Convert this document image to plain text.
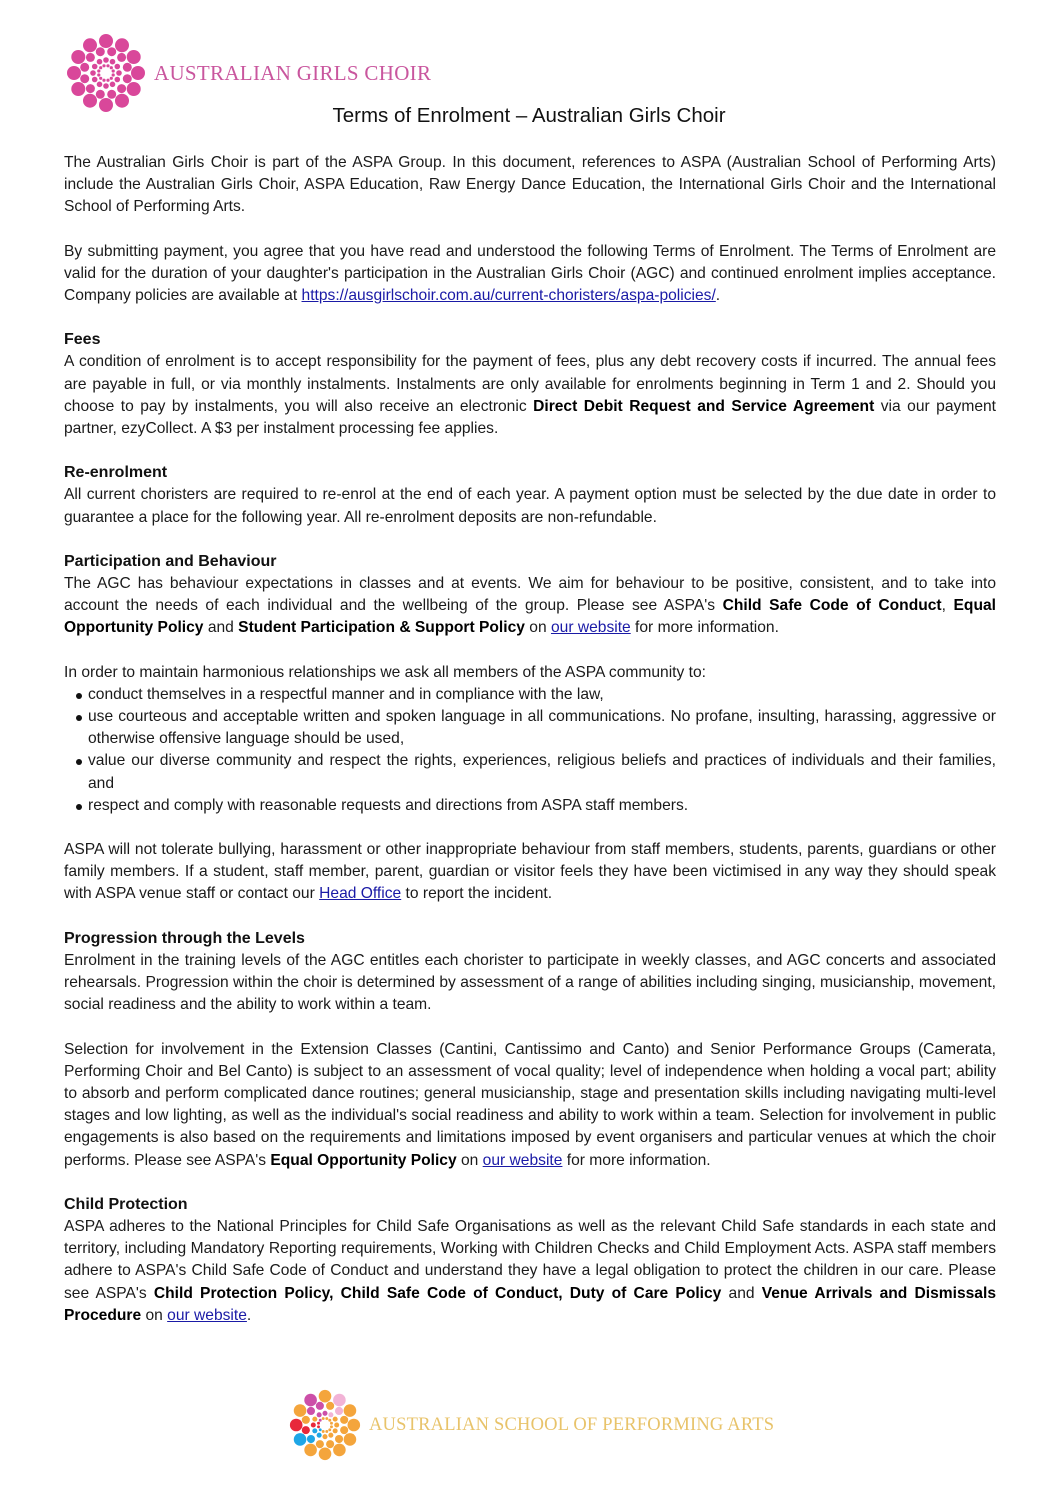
AUSTRALIAN GIRLS CHOIR
Terms of Enrolment – Australian Girls Choir

The Australian Girls Choir is part of the ASPA Group. In this document, references to ASPA (Australian School of Performing Arts) include the Australian Girls Choir, ASPA Education, Raw Energy Dance Education, the International Girls Choir and the International School of Performing Arts.

By submitting payment, you agree that you have read and understood the following Terms of Enrolment. The Terms of Enrolment are valid for the duration of your daughter's participation in the Australian Girls Choir (AGC) and continued enrolment implies acceptance. Company policies are available at https://ausgirlschoir.com.au/current-choristers/aspa-policies/.

Fees

A condition of enrolment is to accept responsibility for the payment of fees, plus any debt recovery costs if incurred. The annual fees are payable in full, or via monthly instalments. Instalments are only available for enrolments beginning in Term 1 and 2. Should you choose to pay by instalments, you will also receive an electronic Direct Debit Request and Service Agreement via our payment partner, ezyCollect. A $3 per instalment processing fee applies.

Re-enrolment

All current choristers are required to re-enrol at the end of each year. A payment option must be selected by the due date in order to guarantee a place for the following year. All re-enrolment deposits are non-refundable.

Participation and Behaviour

The AGC has behaviour expectations in classes and at events. We aim for behaviour to be positive, consistent, and to take into account the needs of each individual and the wellbeing of the group. Please see ASPA's Child Safe Code of Conduct, Equal Opportunity Policy and Student Participation & Support Policy on our website for more information.

In order to maintain harmonious relationships we ask all members of the ASPA community to:

conduct themselves in a respectful manner and in compliance with the law,
use courteous and acceptable written and spoken language in all communications. No profane, insulting, harassing, aggressive or otherwise offensive language should be used,
value our diverse community and respect the rights, experiences, religious beliefs and practices of individuals and their families, and
respect and comply with reasonable requests and directions from ASPA staff members.

ASPA will not tolerate bullying, harassment or other inappropriate behaviour from staff members, students, parents, guardians or other family members. If a student, staff member, parent, guardian or visitor feels they have been victimised in any way they should speak with ASPA venue staff or contact our Head Office to report the incident.

Progression through the Levels

Enrolment in the training levels of the AGC entitles each chorister to participate in weekly classes, and AGC concerts and associated rehearsals. Progression within the choir is determined by assessment of a range of abilities including singing, musicianship, movement, social readiness and the ability to work within a team.

Selection for involvement in the Extension Classes (Cantini, Cantissimo and Canto) and Senior Performance Groups (Camerata, Performing Choir and Bel Canto) is subject to an assessment of vocal quality; level of independence when holding a vocal part; ability to absorb and perform complicated dance routines; general musicianship, stage and presentation skills including navigating multi-level stages and low lighting, as well as the individual's social readiness and ability to work within a team. Selection for involvement in public engagements is also based on the requirements and limitations imposed by event organisers and particular venues at which the choir performs. Please see ASPA's Equal Opportunity Policy on our website for more information.

Child Protection

ASPA adheres to the National Principles for Child Safe Organisations as well as the relevant Child Safe standards in each state and territory, including Mandatory Reporting requirements, Working with Children Checks and Child Employment Acts. ASPA staff members adhere to ASPA's Child Safe Code of Conduct and understand they have a legal obligation to protect the children in our care. Please see ASPA's Child Protection Policy, Child Safe Code of Conduct, Duty of Care Policy and Venue Arrivals and Dismissals Procedure on our website.

AUSTRALIAN SCHOOL OF PERFORMING ARTS
